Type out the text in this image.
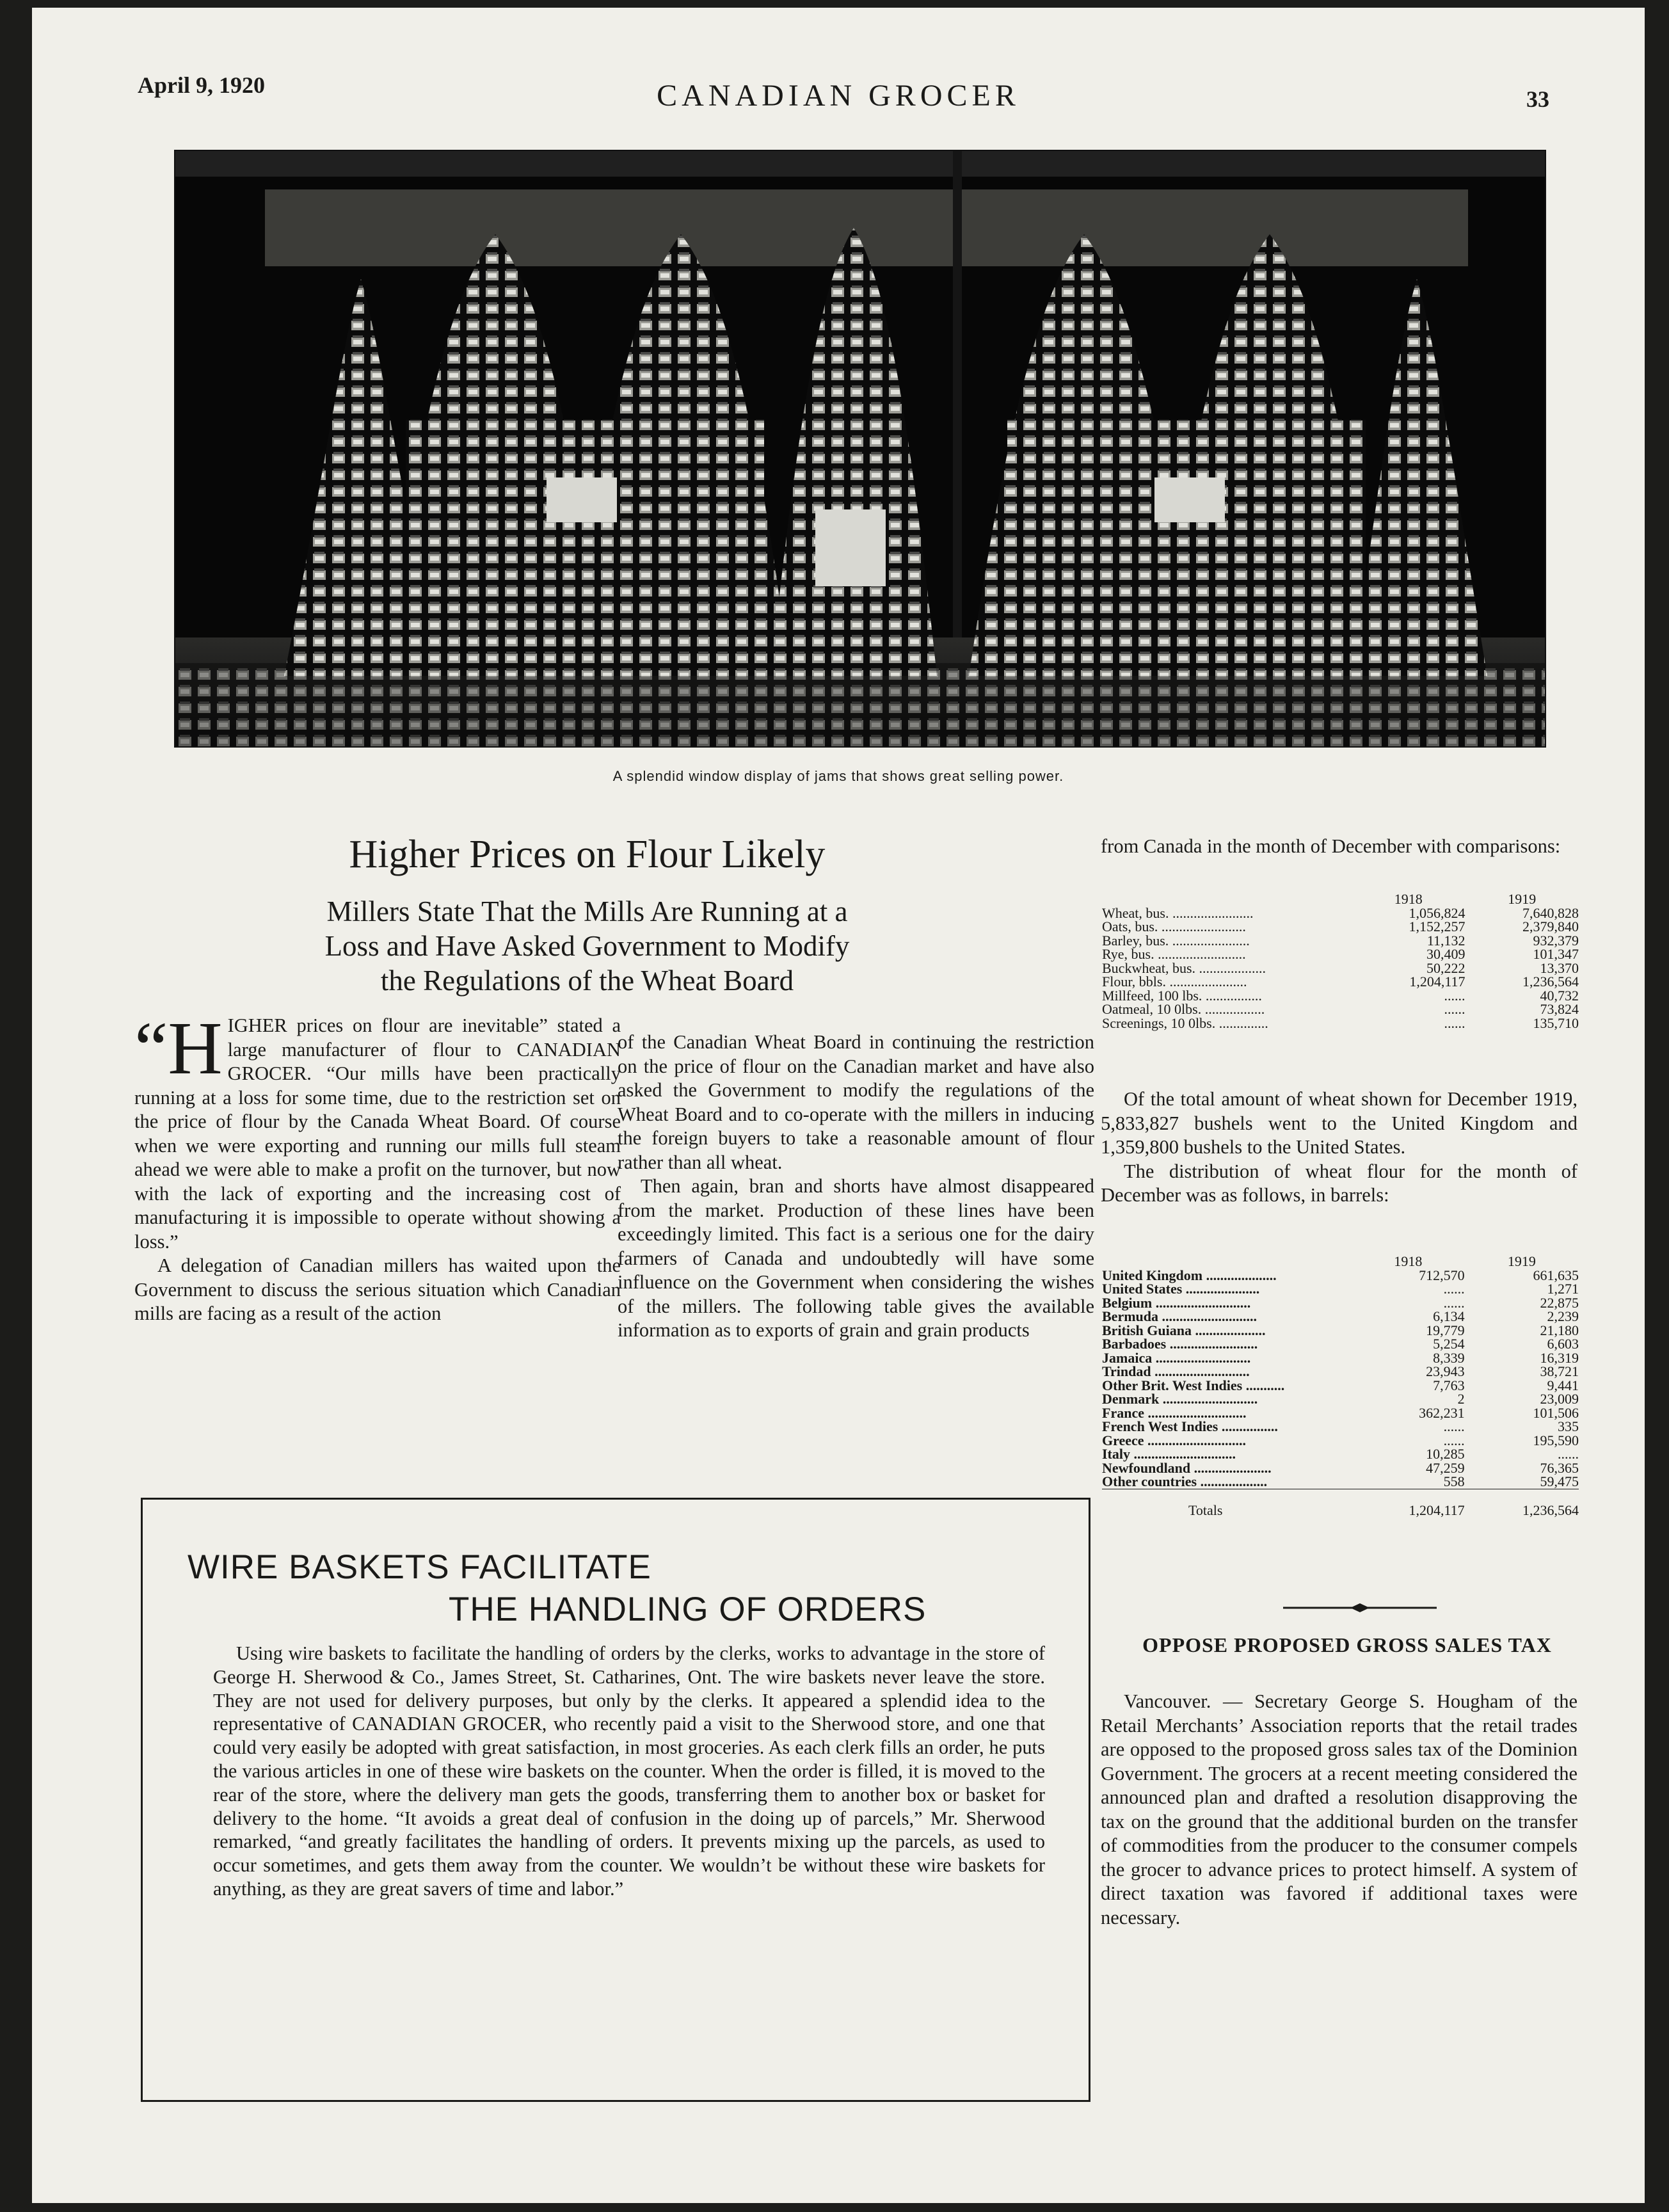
April 9, 1920	CANADIAN GROCER	33
A splendid window display of jams that shows great selling power.
Higher Prices on Flour Likely
Millers State That the Mills Are Running at a
Loss and Have Asked Government to Modify
the Regulations of the Wheat Board

“H IGHER prices on flour are inevitable” stated a large manufacturer of flour to CANADIAN GROCER. “Our mills have been practically running at a loss for some time, due to the restriction set on the price of flour by the Canada Wheat Board. Of course when we were exporting and running our mills full steam ahead we were able to make a profit on the turnover, but now with the lack of exporting and the increasing cost of manufacturing it is impossible to operate without showing a loss.”

A delegation of Canadian millers has waited upon the Government to discuss the serious situation which Canadian mills are facing as a result of the action

of the Canadian Wheat Board in continuing the restriction on the price of flour on the Canadian market and have also asked the Government to modify the regulations of the Wheat Board and to co-operate with the millers in inducing the foreign buyers to take a reasonable amount of flour rather than all wheat.

Then again, bran and shorts have almost disappeared from the market. Production of these lines have been exceedingly limited. This fact is a serious one for the dairy farmers of Canada and undoubtedly will have some influence on the Government when considering the wishes of the millers. The following table gives the available information as to exports of grain and grain products

from Canada in the month of December with comparisons:

	1918	1919
Wheat, bus. .......................	1,056,824	7,640,828
Oats, bus. ........................	1,152,257	2,379,840
Barley, bus. ......................	11,132	932,379
Rye, bus. .........................	30,409	101,347
Buckwheat, bus. ...................	50,222	13,370
Flour, bbls. ......................	1,204,117	1,236,564
Millfeed, 100 lbs. ................	......	40,732
Oatmeal, 10 0lbs. .................	......	73,824
Screenings, 10 0lbs. ..............	......	135,710

Of the total amount of wheat shown for December 1919, 5,833,827 bushels went to the United Kingdom and 1,359,800 bushels to the United States.

The distribution of wheat flour for the month of December was as follows, in barrels:

	1918	1919
United Kingdom ....................	712,570	661,635
United States .....................	......	1,271
Belgium ...........................	......	22,875
Bermuda ...........................	6,134	2,239
British Guiana ....................	19,779	21,180
Barbadoes .........................	5,254	6,603
Jamaica ...........................	8,339	16,319
Trindad ...........................	23,943	38,721
Other Brit. West Indies ...........	7,763	9,441
Denmark ...........................	2	23,009
France ............................	362,231	101,506
French West Indies ................	......	335
Greece ............................	......	195,590
Italy .............................	10,285	......
Newfoundland ......................	47,259	76,365
Other countries ...................	558	59,475
Totals	1,204,117	1,236,564
OPPOSE PROPOSED GROSS SALES TAX

Vancouver. — Secretary George S. Hougham of the Retail Merchants’ Association reports that the retail trades are opposed to the proposed gross sales tax of the Dominion Government. The grocers at a recent meeting considered the announced plan and drafted a resolution disapproving the tax on the ground that the additional burden on the transfer of commodities from the producer to the consumer compels the grocer to advance prices to protect himself. A system of direct taxation was favored if additional taxes were necessary.

WIRE BASKETS FACILITATE
THE HANDLING OF ORDERS

Using wire baskets to facilitate the handling of orders by the clerks, works to advantage in the store of George H. Sherwood & Co., James Street, St. Catharines, Ont. The wire baskets never leave the store. They are not used for delivery purposes, but only by the clerks. It appeared a splendid idea to the representative of CANADIAN GROCER, who recently paid a visit to the Sherwood store, and one that could very easily be adopted with great satisfaction, in most groceries. As each clerk fills an order, he puts the various articles in one of these wire baskets on the counter. When the order is filled, it is moved to the rear of the store, where the delivery man gets the goods, transferring them to another box or basket for delivery to the home. “It avoids a great deal of confusion in the doing up of parcels,” Mr. Sherwood remarked, “and greatly facilitates the handling of orders. It prevents mixing up the parcels, as used to occur sometimes, and gets them away from the counter. We wouldn’t be without these wire baskets for anything, as they are great savers of time and labor.”
